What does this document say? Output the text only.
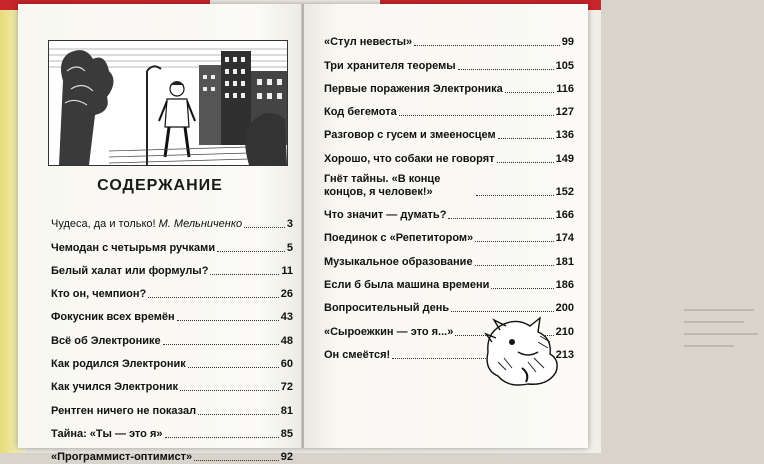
СОДЕРЖАНИЕ
Чудеса, да и только! М. Мельниченко	3
Чемодан с четырьмя ручками	5
Белый халат или формулы?	11
Кто он, чемпион?	26
Фокусник всех времён	43
Всё об Электронике	48
Как родился Электроник	60
Как учился Электроник	72
Рентген ничего не показал	81
Тайна: «Ты — это я»	85
«Программист-оптимист»	92
«Стул невесты»	99
Три хранителя теоремы	105
Первые поражения Электроника	116
Код бегемота	127
Разговор с гусем и змееносцем	136
Хорошо, что собаки не говорят	149
Гнёт тайны. «В конце концов, я человек!»	152
Что значит — думать?	166
Поединок с «Репетитором»	174
Музыкальное образование	181
Если б была машина времени	186
Вопросительный день	200
«Сыроежкин — это я...»	210
Он смеётся!	213
